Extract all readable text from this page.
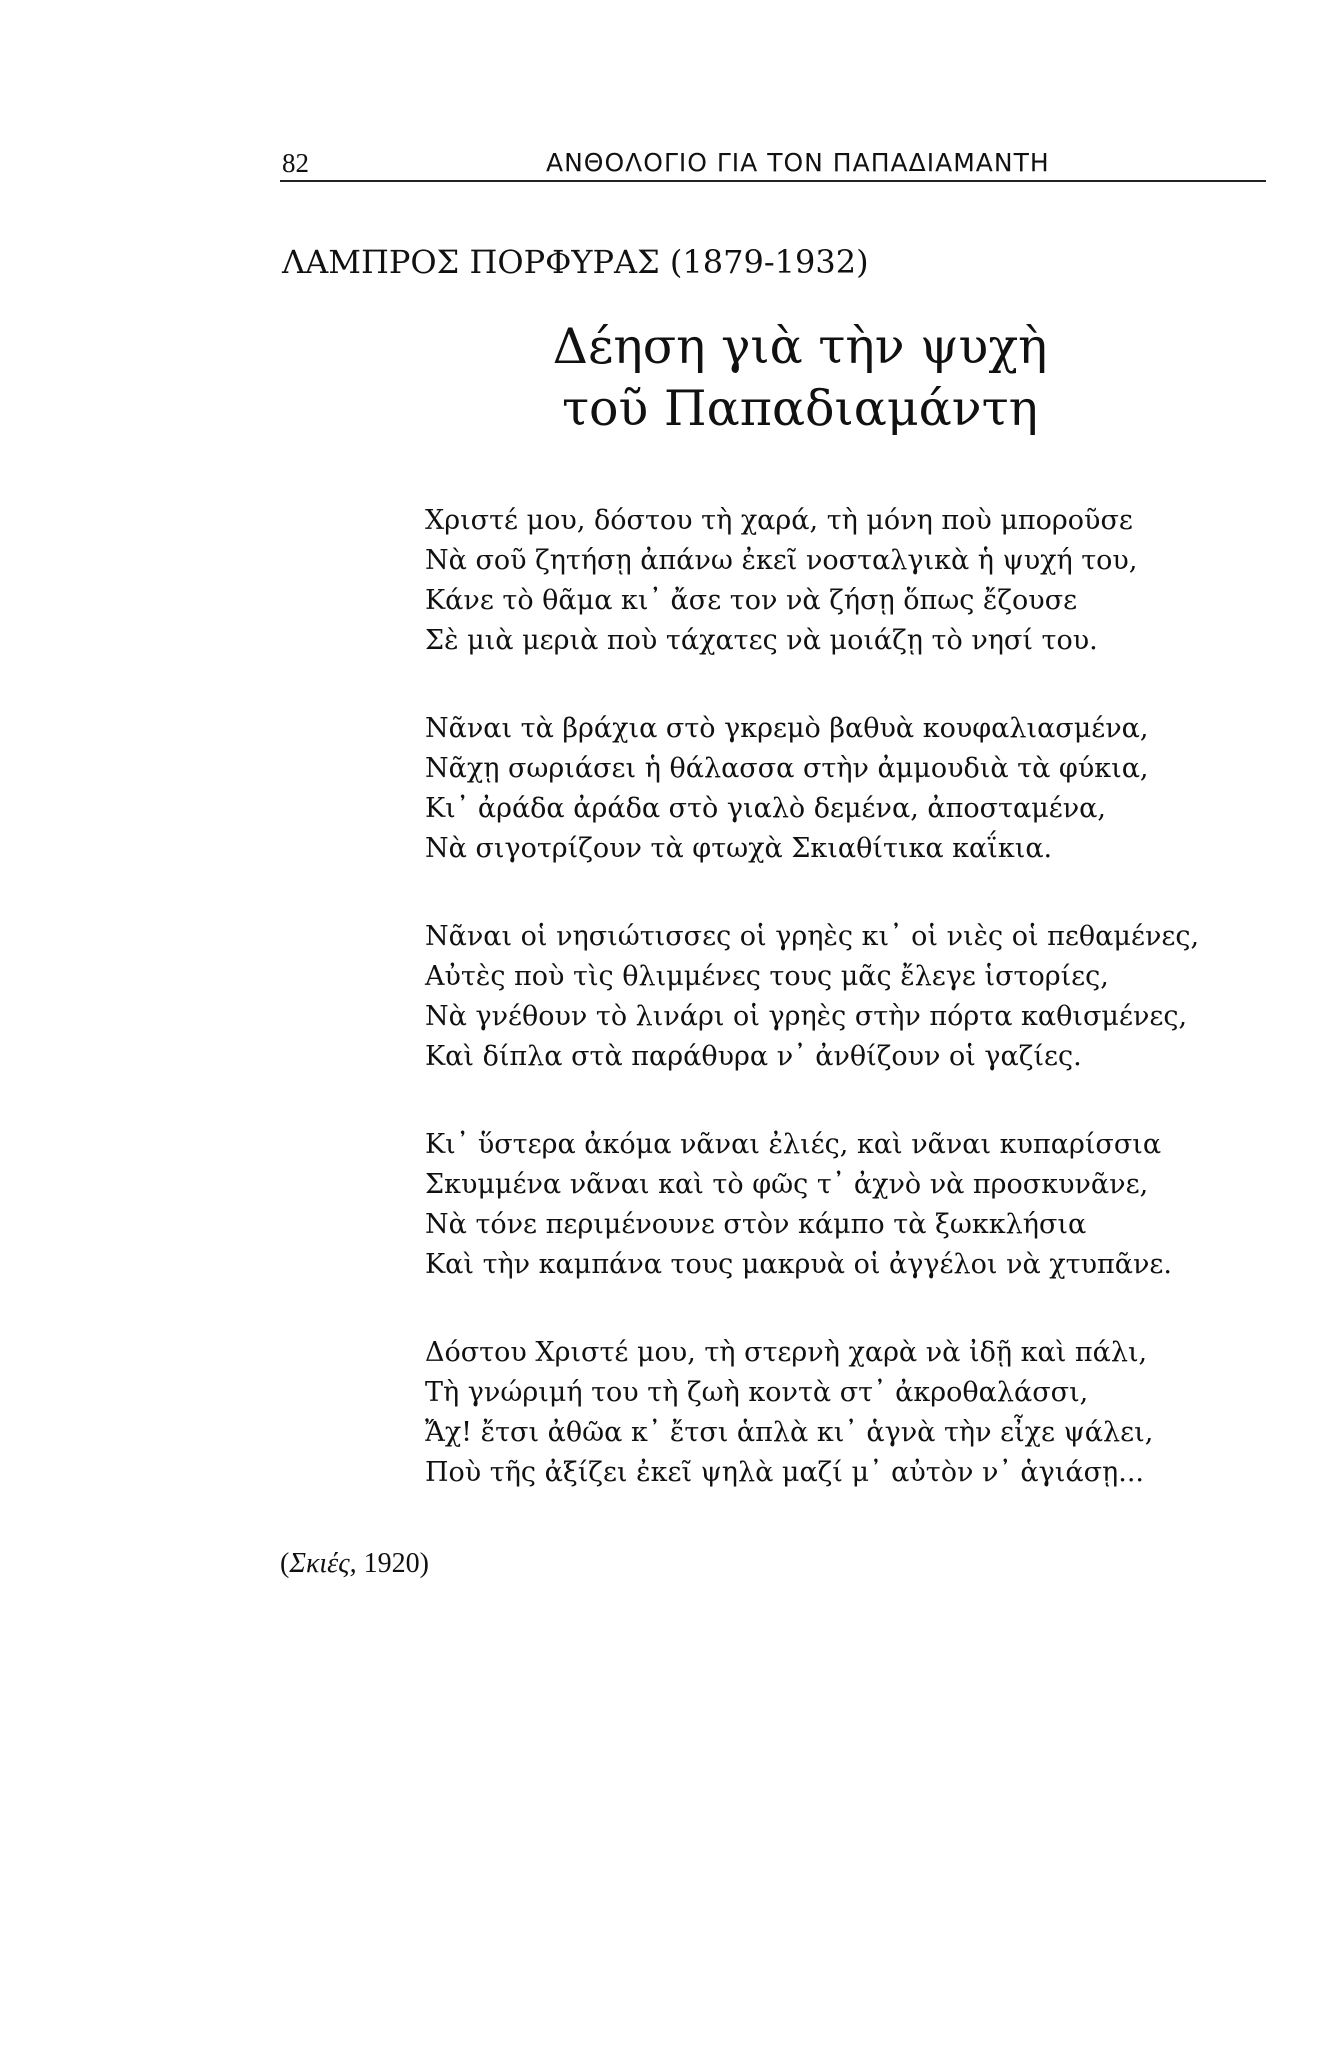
82	ΑΝΘΟΛΟΓΙΟ ΓΙΑ ΤΟΝ ΠΑΠΑΔΙΑΜΑΝΤΗ
ΛΑΜΠΡΟΣ ΠΟΡΦΥΡΑΣ (1879-1932)
Δέηση γιὰ τὴν ψυχὴ
τοῦ Παπαδιαμάντη
Χριστέ μου, δόστου τὴ χαρά, τὴ μόνη ποὺ μποροῦσε
Νὰ σοῦ ζητήσῃ ἀπάνω ἐκεῖ νοσταλγικὰ ἡ ψυχή του,
Κάνε τὸ θᾶμα κι᾽ ἄσε τον νὰ ζήσῃ ὅπως ἔζουσε
Σὲ μιὰ μεριὰ ποὺ τάχατες νὰ μοιάζῃ τὸ νησί του.
Νᾶναι τὰ βράχια στὸ γκρεμὸ βαθυὰ κουφαλιασμένα,
Νᾶχῃ σωριάσει ἡ θάλασσα στὴν ἀμμουδιὰ τὰ φύκια,
Κι᾽ ἀράδα ἀράδα στὸ γιαλὸ δεμένα, ἀποσταμένα,
Νὰ σιγοτρίζουν τὰ φτωχὰ Σκιαθίτικα καΐκια.
Νᾶναι οἱ νησιώτισσες οἱ γρηὲς κι᾽ οἱ νιὲς οἱ πεθαμένες,
Αὐτὲς ποὺ τὶς θλιμμένες τους μᾶς ἔλεγε ἱστορίες,
Νὰ γνέθουν τὸ λινάρι οἱ γρηὲς στὴν πόρτα καθισμένες,
Καὶ δίπλα στὰ παράθυρα ν᾽ ἀνθίζουν οἱ γαζίες.
Κι᾽ ὕστερα ἀκόμα νᾶναι ἐλιές, καὶ νᾶναι κυπαρίσσια
Σκυμμένα νᾶναι καὶ τὸ φῶς τ᾽ ἀχνὸ νὰ προσκυνᾶνε,
Νὰ τόνε περιμένουνε στὸν κάμπο τὰ ξωκκλήσια
Καὶ τὴν καμπάνα τους μακρυὰ οἱ ἀγγέλοι νὰ χτυπᾶνε.
Δόστου Χριστέ μου, τὴ στερνὴ χαρὰ νὰ ἰδῇ καὶ πάλι,
Τὴ γνώριμή του τὴ ζωὴ κοντὰ στ᾽ ἀκροθαλάσσι,
Ἄχ! ἔτσι ἀθῶα κ᾽ ἔτσι ἁπλὰ κι᾽ ἁγνὰ τὴν εἶχε ψάλει,
Ποὺ τῆς ἀξίζει ἐκεῖ ψηλὰ μαζί μ᾽ αὐτὸν ν᾽ ἁγιάσῃ...
(Σκιές, 1920)
